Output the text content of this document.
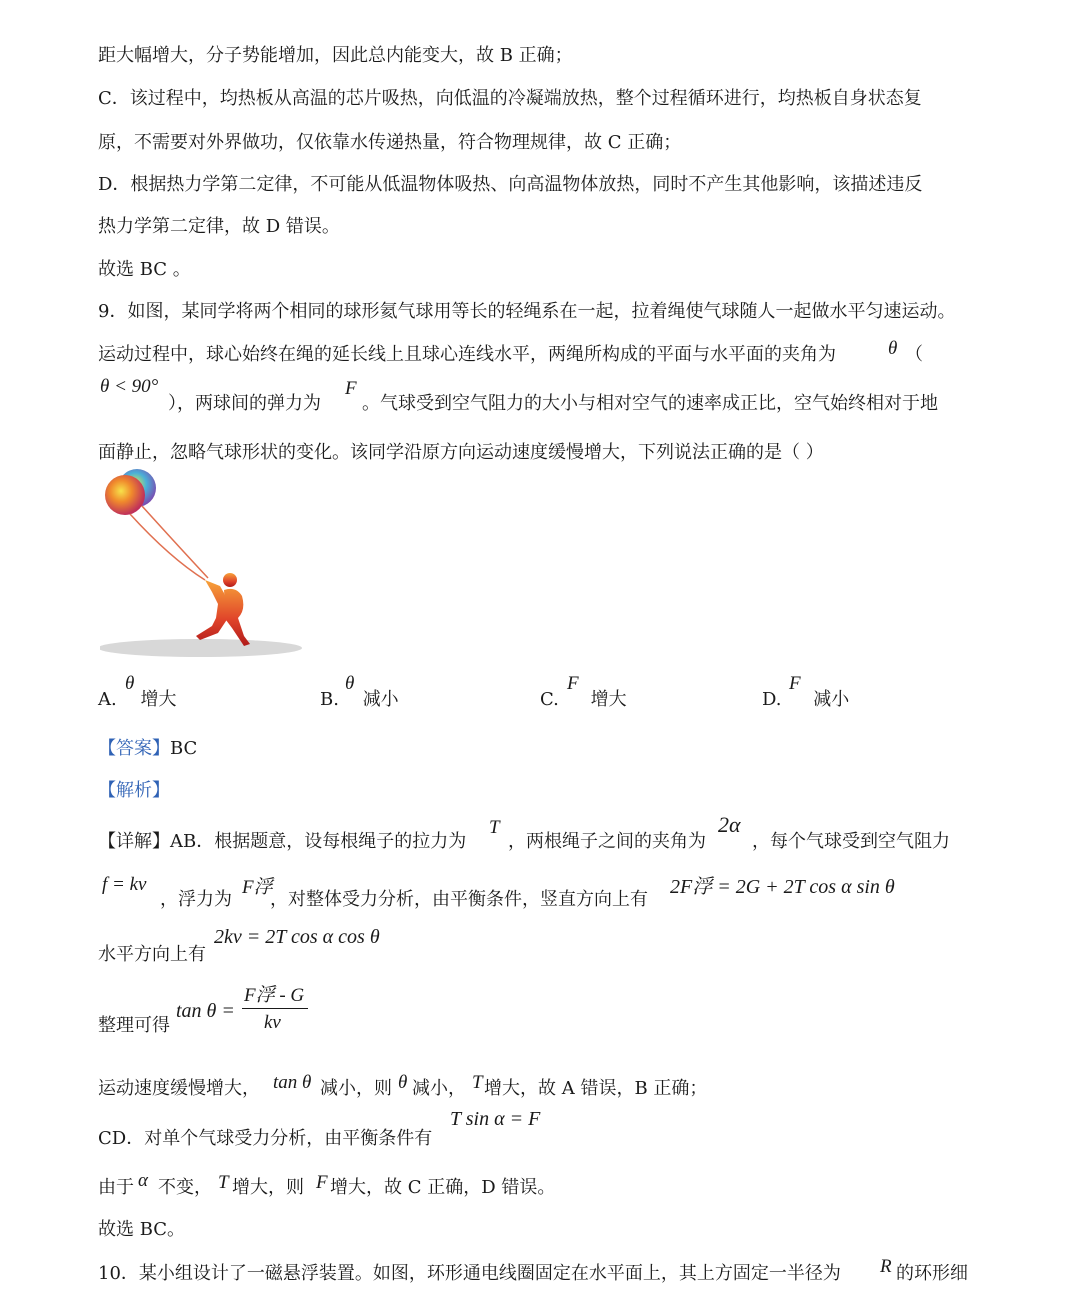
距大幅增大，分子势能增加，因此总内能变大，故 B 正确；
C．该过程中，均热板从高温的芯片吸热，向低温的冷凝端放热，整个过程循环进行，均热板自身状态复
原，不需要对外界做功，仅依靠水传递热量，符合物理规律，故 C 正确；
D．根据热力学第二定律，不可能从低温物体吸热、向高温物体放热，同时不产生其他影响，该描述违反
热力学第二定律，故 D 错误。
故选 BC 。
9．如图，某同学将两个相同的球形氦气球用等长的轻绳系在一起，拉着绳使气球随人一起做水平匀速运动。
运动过程中，球心始终在绳的延长线上且球心连线水平，两绳所构成的平面与水平面的夹角为	θ （
θ < 90°
），两球间的弹力为
F
。气球受到空气阻力的大小与相对空气的速率成正比，空气始终相对于地
面静止，忽略气球形状的变化。该同学沿原方向运动速度缓慢增大，下列说法正确的是（ ）
A.
θ
增大	B.
θ
减小	C.
F
增大	D.
F
减小
【答案】BC
【解析】
【详解】AB．根据题意，设每根绳子的拉力为
T
，两根绳子之间的夹角为
2α
，每个气球受到空气阻力
f = kv
，浮力为
F浮
，对整体受力分析，由平衡条件，竖直方向上有
2F浮 = 2G + 2T cos α sin θ
水平方向上有
2kv = 2T cos α cos θ
整理可得
tan θ =
F浮 - G
kv
运动速度缓慢增大， tan θ 减小，则 θ 减小， T 增大，故 A 错误，B 正确；
CD．对单个气球受力分析，由平衡条件有
T sin α = F
由于 α 不变， T 增大，则 F 增大，故 C 正确，D 错误。
故选 BC。
10．某小组设计了一磁悬浮装置。如图，环形通电线圈固定在水平面上，其上方固定一半径为 R 的环形细
